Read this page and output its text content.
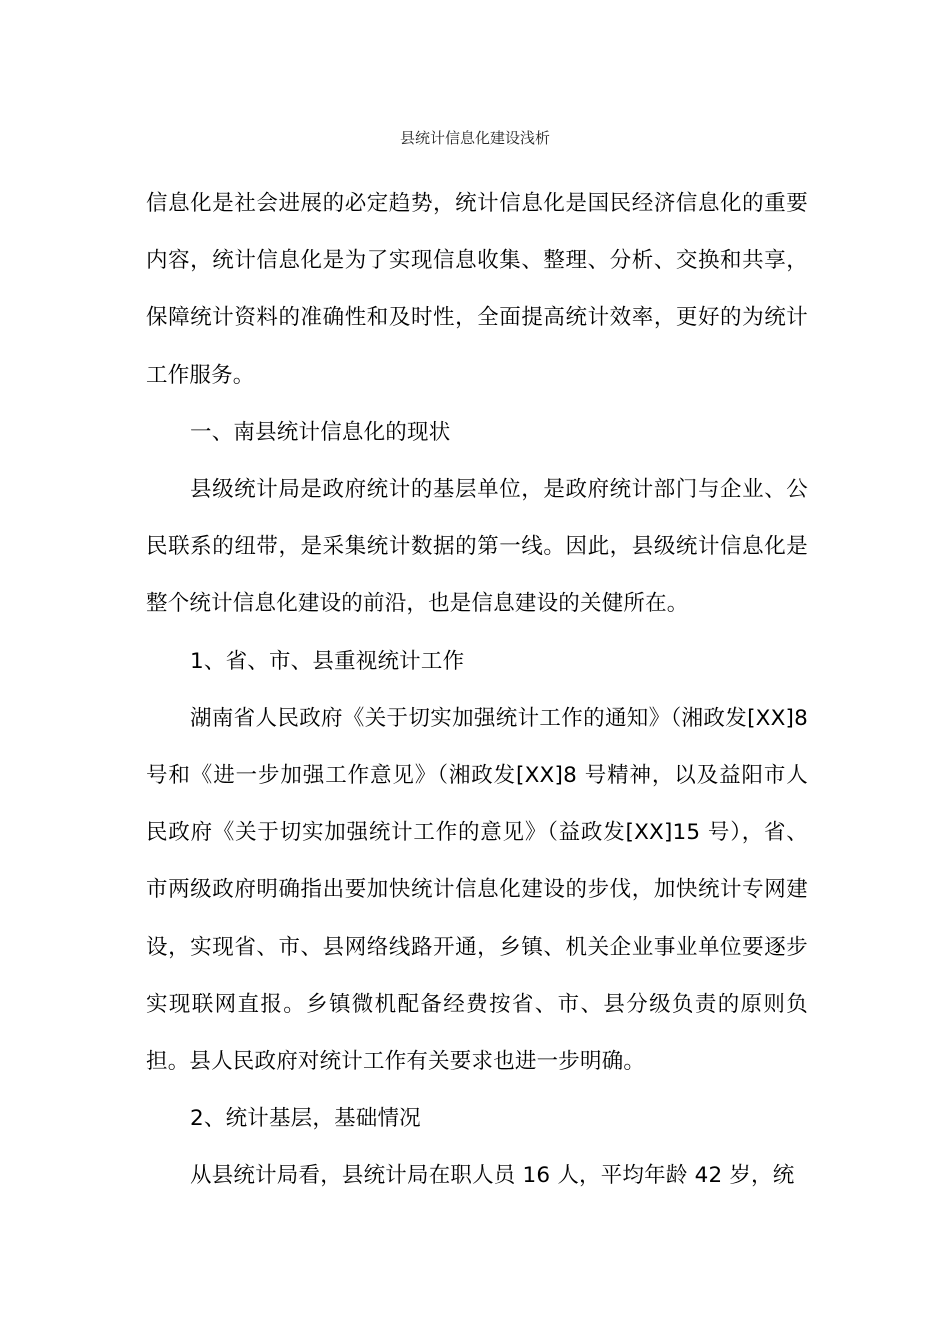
县统计信息化建设浅析

信息化是社会进展的必定趋势，统计信息化是国民经济信息化的重要内容，统计信息化是为了实现信息收集、整理、分析、交换和共享，保障统计资料的准确性和及时性，全面提高统计效率，更好的为统计工作服务。

一、南县统计信息化的现状

县级统计局是政府统计的基层单位，是政府统计部门与企业、公民联系的纽带，是采集统计数据的第一线。因此，县级统计信息化是整个统计信息化建设的前沿，也是信息建设的关健所在。

1、省、市、县重视统计工作

湖南省人民政府《关于切实加强统计工作的通知》（湘政发[XX]8 号和《进一步加强工作意见》（湘政发[XX]8 号精神，以及益阳市人民政府《关于切实加强统计工作的意见》（益政发[XX]15 号），省、市两级政府明确指出要加快统计信息化建设的步伐，加快统计专网建设，实现省、市、县网络线路开通，乡镇、机关企业事业单位要逐步实现联网直报。乡镇微机配备经费按省、市、县分级负责的原则负担。县人民政府对统计工作有关要求也进一步明确。

2、统计基层，基础情况

从县统计局看，县统计局在职人员 16 人，平均年龄 42 岁，统
